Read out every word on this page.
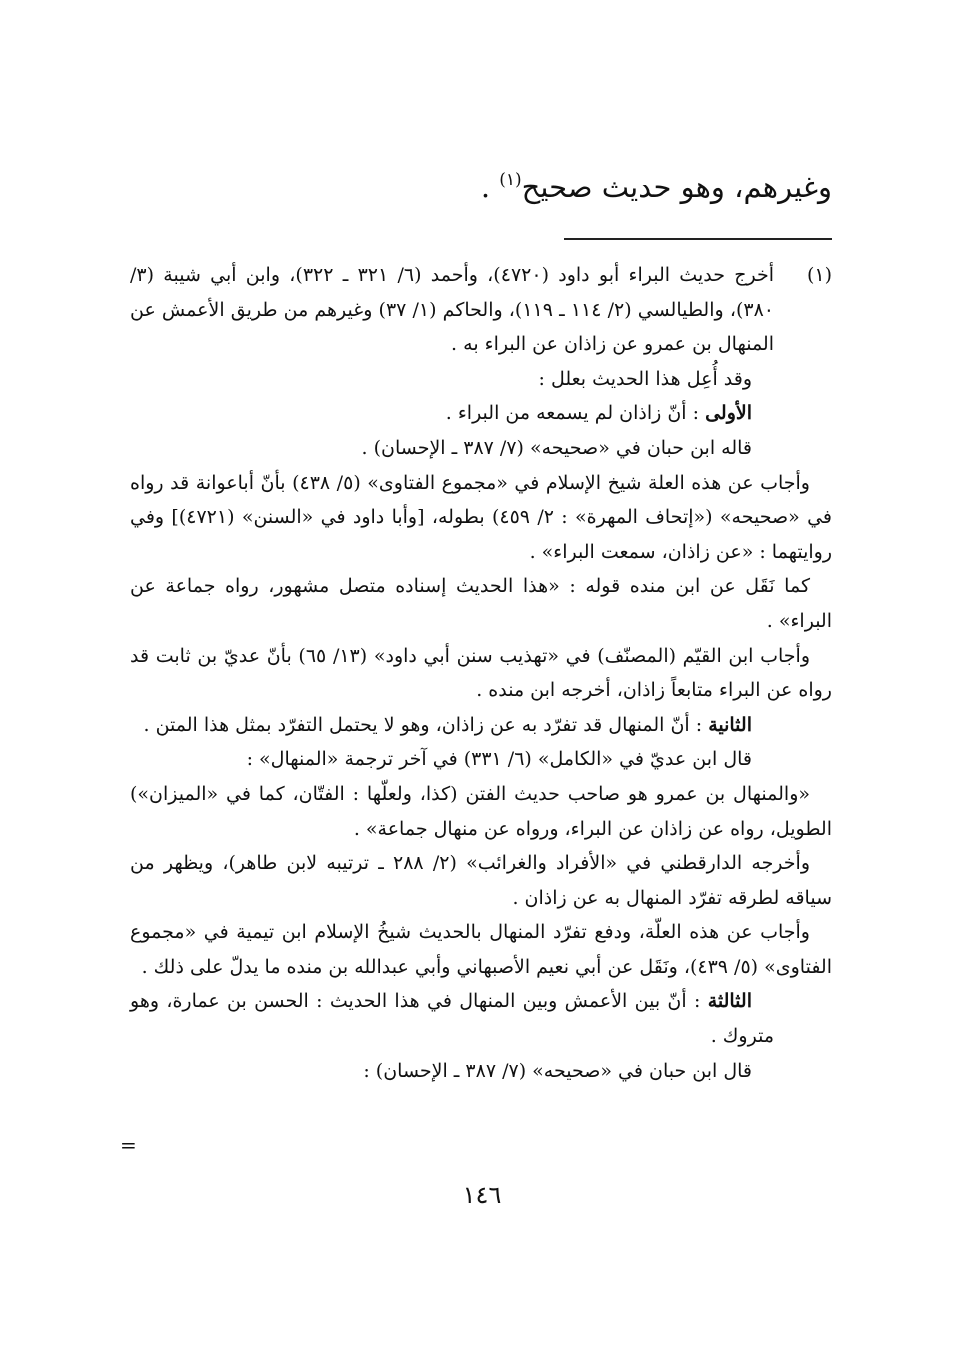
وغيرهم، وهو حديث صحيح$^{(١)}$ .
(١)

أخرج حديث البراء أبو داود (٤٧٢٠)، وأحمد (٦/ ٣٢١ ـ ٣٢٢)، وابن أبي شيبة (٣/ ٣٨٠)، والطيالسي (٢/ ١١٤ ـ ١١٩)، والحاكم (١/ ٣٧) وغيرهم من طريق الأعمش عن المنهال بن عمرو عن زاذان عن البراء به .

وقد أُعِل هذا الحديث بعلل :

الأولى : أنّ زاذان لم يسمعه من البراء .

قاله ابن حبان في «صحيحه» (٧/ ٣٨٧ ـ الإحسان) .

وأجاب عن هذه العلة شيخ الإسلام في «مجموع الفتاوى» (٥/ ٤٣٨) بأنّ أباعوانة قد رواه في «صحيحه» («إتحاف المهرة» : ٢/ ٤٥٩) بطوله، [وأبا داود في «السنن» (٤٧٢١)] وفي روايتهما : «عن زاذان، سمعت البراء» .

كما نَقَل عن ابن منده قوله : «هذا الحديث إسناده متصل مشهور، رواه جماعة عن البراء» .

وأجاب ابن القيّم (المصنّف) في «تهذيب سنن أبي داود» (١٣/ ٦٥) بأنّ عديّ بن ثابت قد رواه عن البراء متابعاً زاذان، أخرجه ابن منده .

الثانية : أنّ المنهال قد تفرّد به عن زاذان، وهو لا يحتمل التفرّد بمثل هذا المتن .

قال ابن عديّ في «الكامل» (٦/ ٣٣١) في آخر ترجمة «المنهال» :

«والمنهال بن عمرو هو صاحب حديث الفتن (كذا، ولعلّها : الفتّان، كما في «الميزان») الطويل، رواه عن زاذان عن البراء، ورواه عن منهال جماعة» .

وأخرجه الدارقطني في «الأفراد والغرائب» (٢/ ٢٨٨ ـ ترتيبه لابن طاهر)، ويظهر من سياقه لطرقه تفرّد المنهال به عن زاذان .

وأجاب عن هذه العلّة، ودفع تفرّد المنهال بالحديث شيخُ الإسلام ابن تيمية في «مجموع الفتاوى» (٥/ ٤٣٩)، ونَقَل عن أبي نعيم الأصبهاني وأبي عبدالله بن منده ما يدلّ على ذلك .

الثالثة : أنّ بين الأعمش وبين المنهال في هذا الحديث : الحسن بن عمارة، وهو متروك .

قال ابن حبان في «صحيحه» (٧/ ٣٨٧ ـ الإحسان) :

=
١٤٦
